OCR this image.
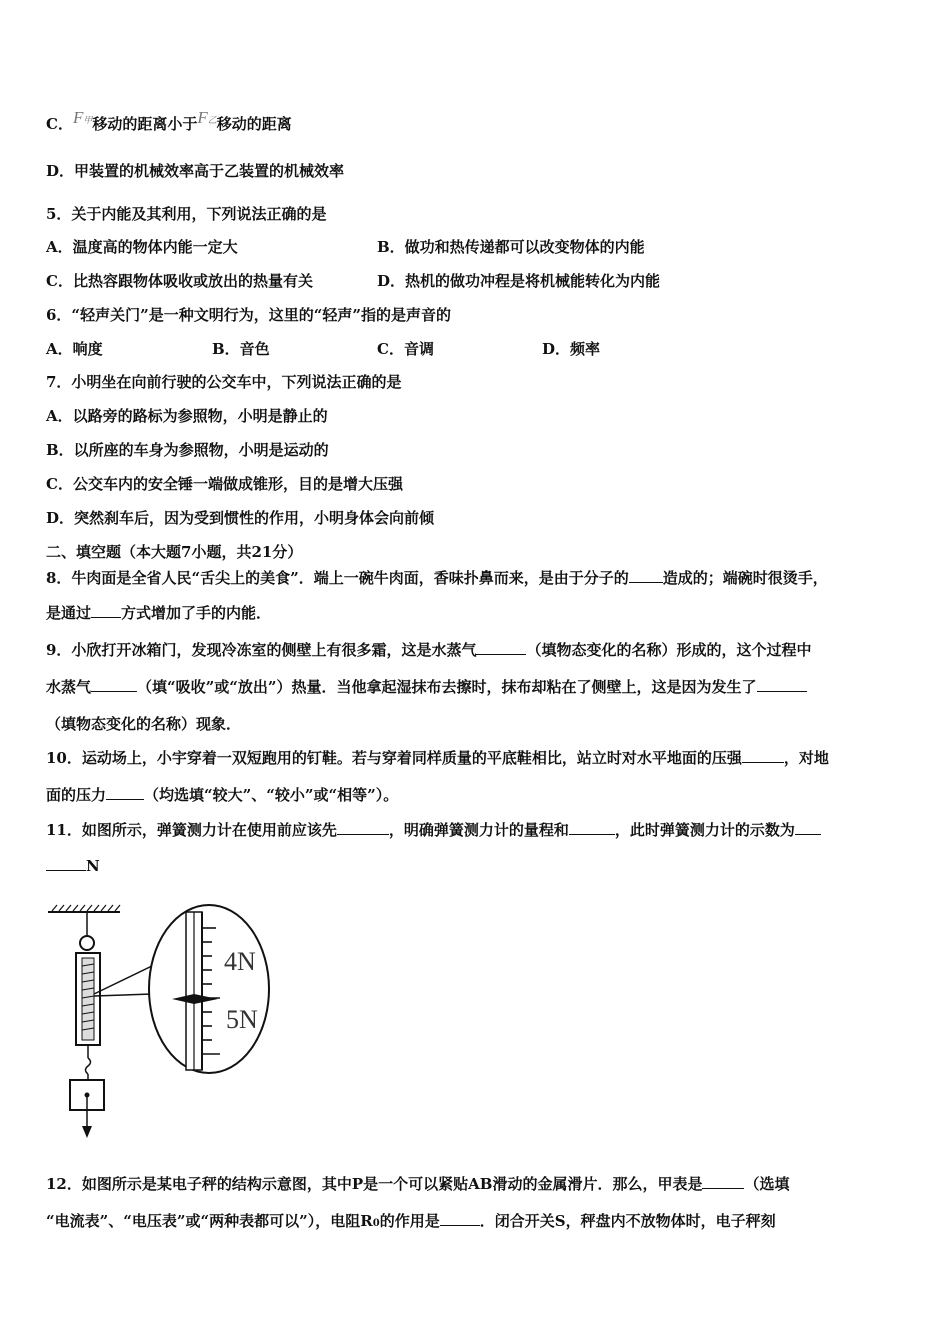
C．F甲移动的距离小于F乙移动的距离
D．甲装置的机械效率高于乙装置的机械效率
5．关于内能及其利用，下列说法正确的是
A．温度高的物体内能一定大	B．做功和热传递都可以改变物体的内能
C．比热容跟物体吸收或放出的热量有关	D．热机的做功冲程是将机械能转化为内能
6．“轻声关门”是一种文明行为，这里的“轻声”指的是声音的
A．响度	B．音色	C．音调	D．频率
7．小明坐在向前行驶的公交车中，下列说法正确的是
A．以路旁的路标为参照物，小明是静止的
B．以所座的车身为参照物，小明是运动的
C．公交车内的安全锤一端做成锥形，目的是增大压强
D．突然刹车后，因为受到惯性的作用，小明身体会向前倾
二、填空题（本大题7小题，共21分）
8．牛肉面是全省人民“舌尖上的美食”．端上一碗牛肉面，香味扑鼻而来，是由于分子的 造成的；端碗时很烫手，
是通过 方式增加了手的内能．
9．小欣打开冰箱门，发现冷冻室的侧壁上有很多霜，这是水蒸气	（填物态变化的名称）形成的，这个过程中
水蒸气	（填“吸收”或“放出”）热量．当他拿起湿抹布去擦时，抹布却粘在了侧壁上，这是因为发生了
（填物态变化的名称）现象．
10．运动场上，小宇穿着一双短跑用的钉鞋。若与穿着同样质量的平底鞋相比，站立时对水平地面的压强	，对地
面的压力	（均选填“较大”、“较小”或“相等”）。
11．如图所示，弹簧测力计在使用前应该先	，明确弹簧测力计的量程和	，此时弹簧测力计的示数为
N
4N
5N
12．如图所示是某电子秤的结构示意图，其中P是一个可以紧贴AB滑动的金属滑片．那么，甲表是	（选填
“电流表”、“电压表”或“两种表都可以”），电阻R0的作用是	．闭合开关S，秤盘内不放物体时，电子秤刻
